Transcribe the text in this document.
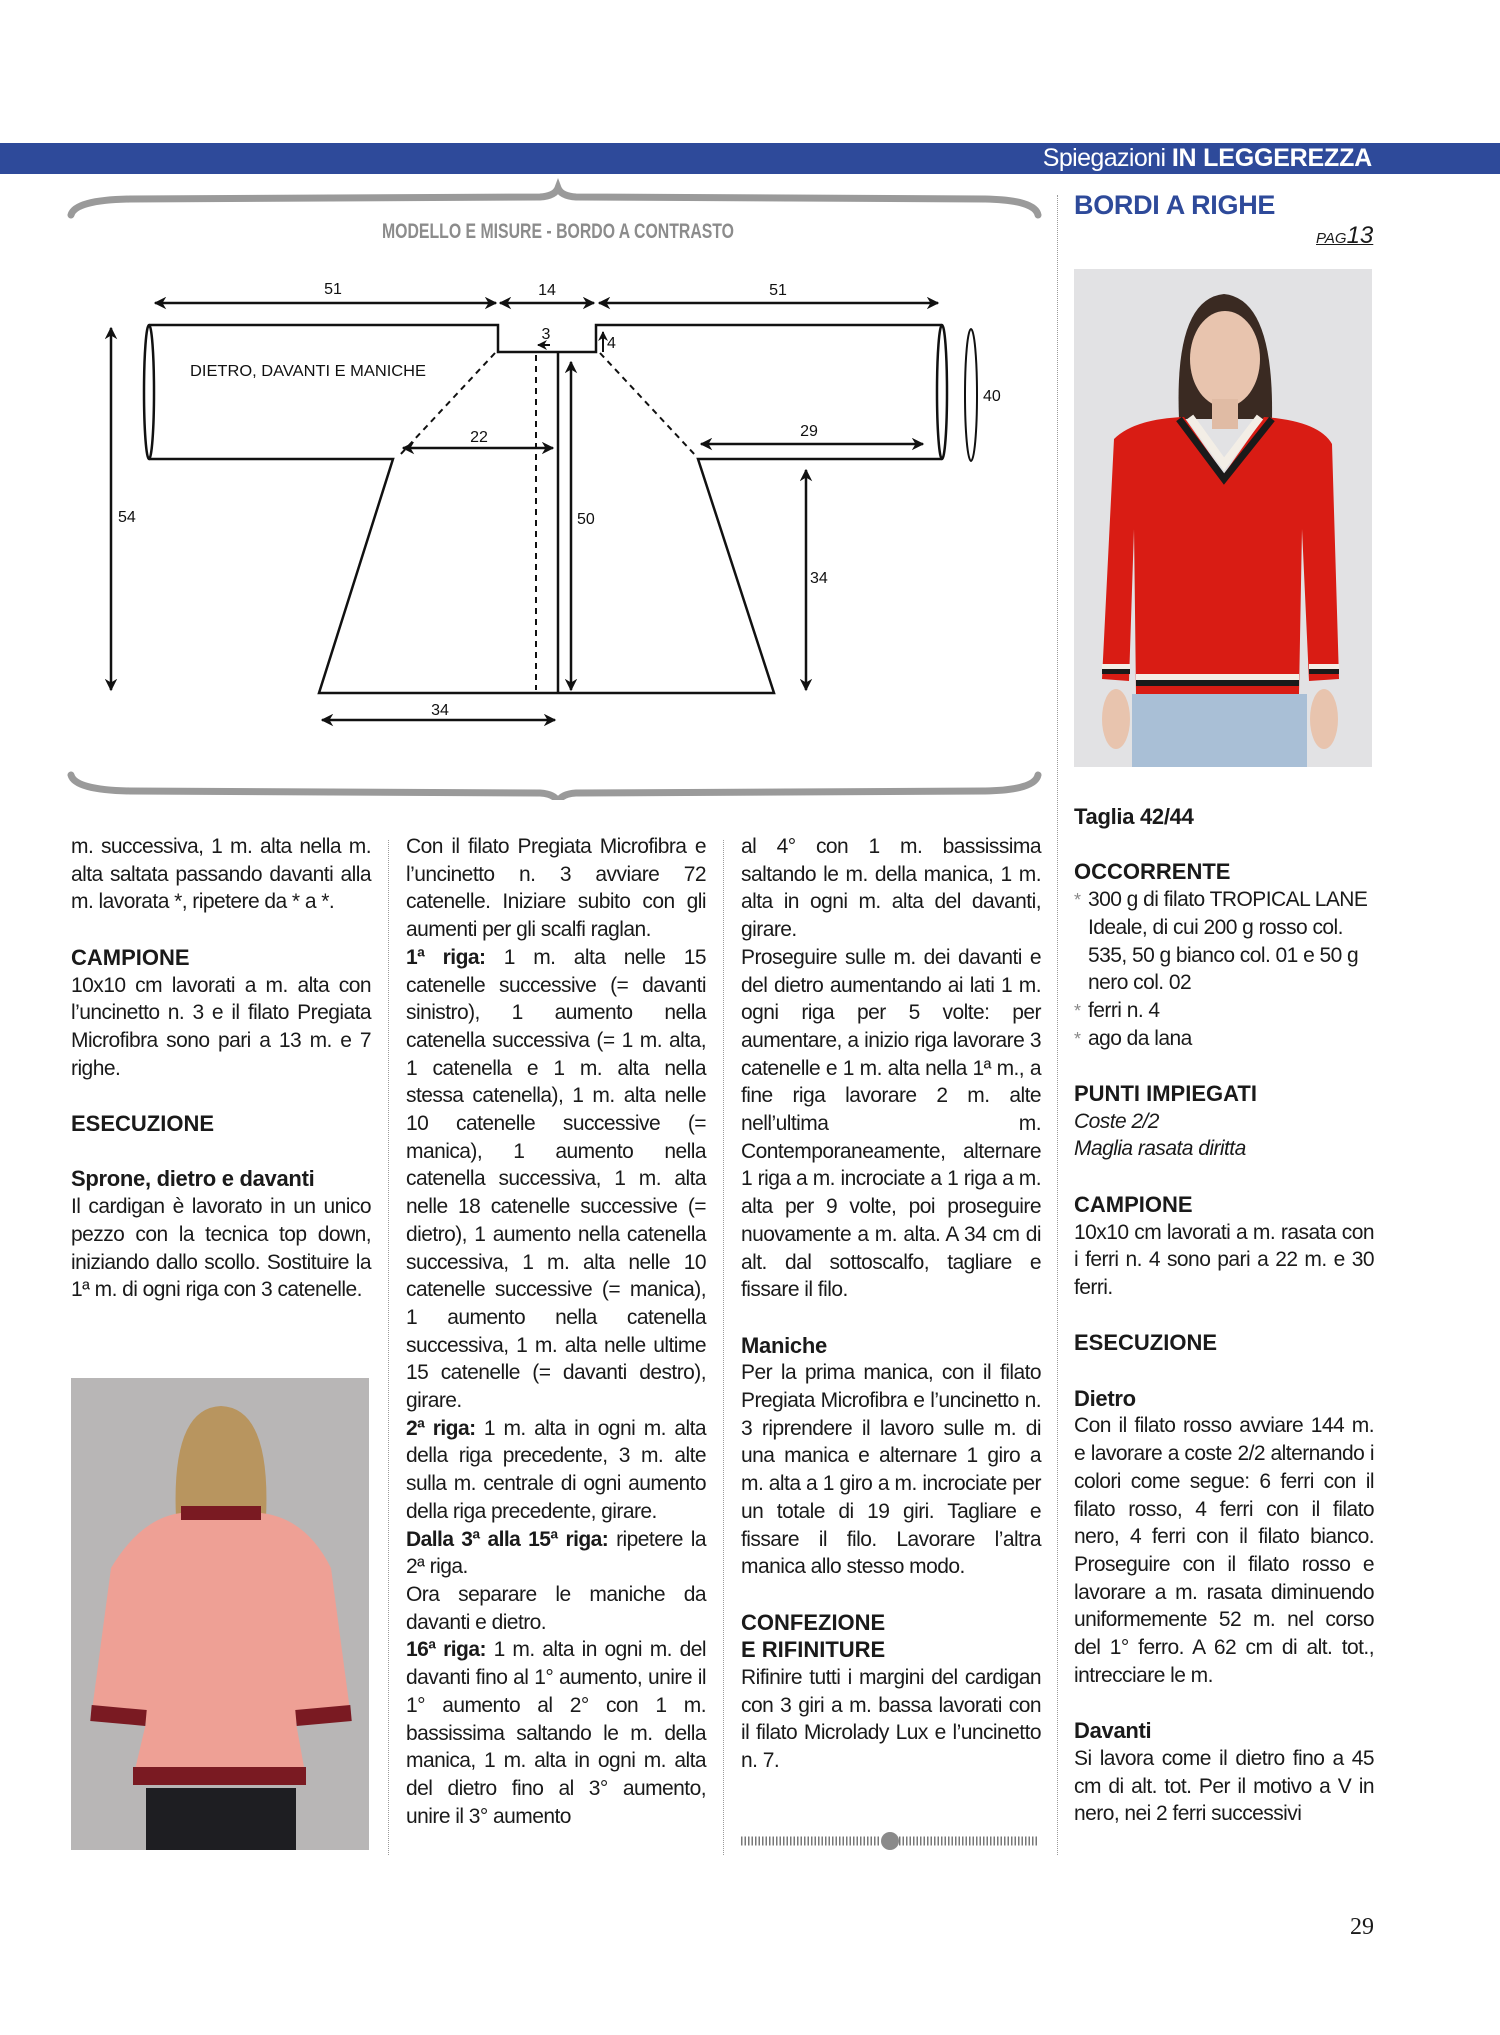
Spiegazioni IN LEGGEREZZA
MODELLO E MISURE - BORDO A CONTRASTO
51	14	51
3
4
DIETRO, DAVANTI E MANICHE
40
22	29
54	50
34
34
BORDI A RIGHE
PAG13

m. successiva, 1 m. alta nella m. alta saltata passando davanti alla m. lavorata *, ripetere da * a *.

CAMPIONE

10x10 cm lavorati a m. alta con l’uncinetto n. 3 e il filato Pregiata Microfibra sono pari a 13 m. e 7 righe.

ESECUZIONE

Sprone, dietro e davanti

Il cardigan è lavorato in un unico pezzo con la tecnica top down, iniziando dallo scollo. Sostituire la 1ª m. di ogni riga con 3 catenelle.

Con il filato Pregiata Microfibra e l’uncinetto n. 3 avviare 72 catenelle. Iniziare subito con gli aumenti per gli scalfi raglan.

1ª riga: 1 m. alta nelle 15 catenelle successive (= davanti sinistro), 1 aumento nella catenella successiva (= 1 m. alta, 1 catenella e 1 m. alta nella stessa catenella), 1 m. alta nelle 10 catenelle successive (= manica), 1 aumento nella catenella successiva, 1 m. alta nelle 18 catenelle successive (= dietro), 1 aumento nella catenella successiva, 1 m. alta nelle 10 catenelle successive (= manica), 1 aumento nella catenella successiva, 1 m. alta nelle ultime 15 catenelle (= davanti destro), girare.

2ª riga: 1 m. alta in ogni m. alta della riga precedente, 3 m. alte sulla m. centrale di ogni aumento della riga precedente, girare.

Dalla 3ª alla 15ª riga: ripetere la 2ª riga.

Ora separare le maniche da davanti e dietro.

16ª riga: 1 m. alta in ogni m. del davanti fino al 1° aumento, unire il 1° aumento al 2° con 1 m. bassissima saltando le m. della manica, 1 m. alta in ogni m. alta del dietro fino al 3° aumento, unire il 3° aumento

al 4° con 1 m. bassissima saltando le m. della manica, 1 m. alta in ogni m. alta del davanti, girare.

Proseguire sulle m. dei davanti e del dietro aumentando ai lati 1 m. ogni riga per 5 volte: per aumentare, a inizio riga lavorare 3 catenelle e 1 m. alta nella 1ª m., a fine riga lavorare 2 m. alte nell’ultima m. Contemporaneamente, alternare 1 riga a m. incrociate a 1 riga a m. alta per 9 volte, poi proseguire nuovamente a m. alta. A 34 cm di alt. dal sottoscalfo, tagliare e fissare il filo.

Maniche

Per la prima manica, con il filato Pregiata Microfibra e l’uncinetto n. 3 riprendere il lavoro sulle m. di una manica e alternare 1 giro a m. alta a 1 giro a m. incrociate per un totale di 19 giri. Tagliare e fissare il filo. Lavorare l’altra manica allo stesso modo.

CONFEZIONE

E RIFINITURE

Rifinire tutti i margini del cardigan con 3 giri a m. bassa lavorati con il filato Microlady Lux e l’uncinetto n. 7.

Taglia 42/44

OCCORRENTE

* 300 g di filato TROPICAL LANE Ideale, di cui 200 g rosso col. 535, 50 g bianco col. 01 e 50 g nero col. 02

* ferri n. 4

* ago da lana

PUNTI IMPIEGATI

Coste 2/2

Maglia rasata diritta

CAMPIONE

10x10 cm lavorati a m. rasata con i ferri n. 4 sono pari a 22 m. e 30 ferri.

ESECUZIONE

Dietro

Con il filato rosso avviare 144 m. e lavorare a coste 2/2 alternando i colori come segue: 6 ferri con il filato rosso, 4 ferri con il filato nero, 4 ferri con il filato bianco. Proseguire con il filato rosso e lavorare a m. rasata diminuendo uniformemente 52 m. nel corso del 1° ferro. A 62 cm di alt. tot., intrecciare le m.

Davanti

Si lavora come il dietro fino a 45 cm di alt. tot. Per il motivo a V in nero, nei 2 ferri successivi

29
